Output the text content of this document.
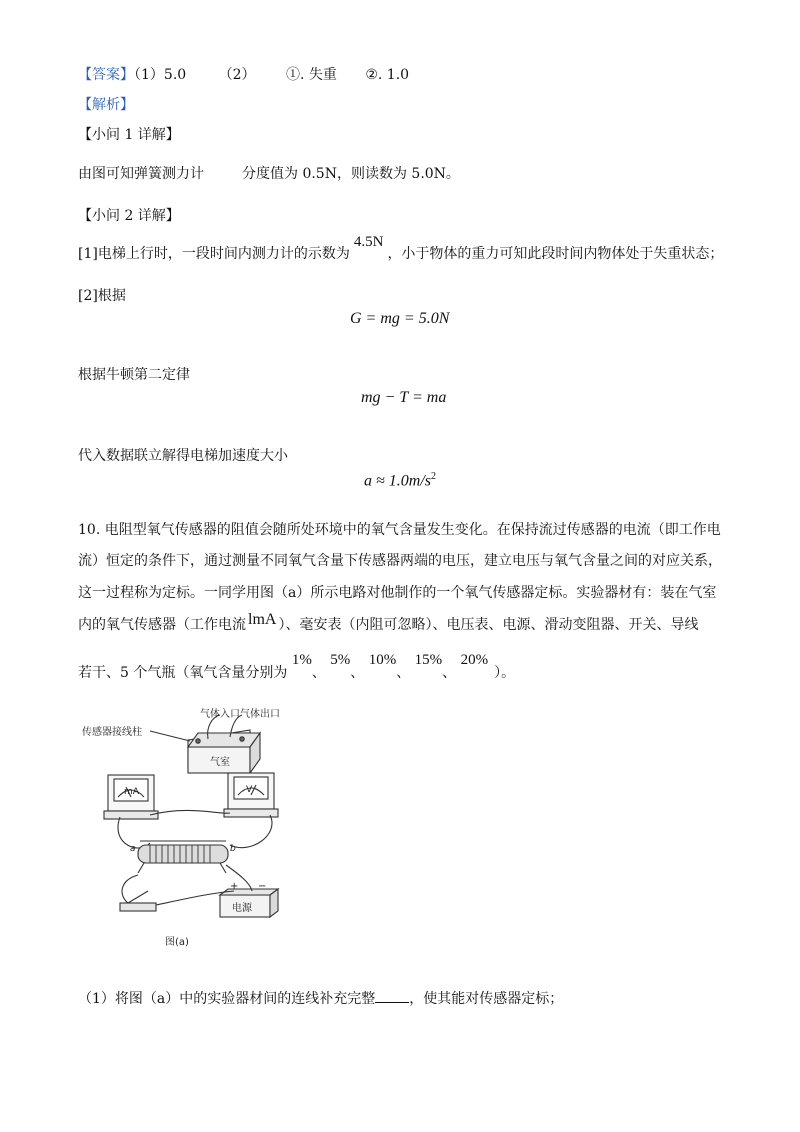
【答案】（1）5.0 （2） ①. 失重 ②. 1.0
【解析】
【小问 1 详解】
由图可知弹簧测力计	分度值为 0.5N，则读数为 5.0N。
【小问 2 详解】
[1]电梯上行时，一段时间内测力计的示数为4.5N，小于物体的重力可知此段时间内物体处于失重状态；
[2]根据
G = mg = 5.0N
根据牛顿第二定律
mg − T = ma
代入数据联立解得电梯加速度大小
$a \approx 1.0m/s^2$
10. 电阻型氧气传感器的阻值会随所处环境中的氧气含量发生变化。在保持流过传感器的电流（即工作电
流）恒定的条件下，通过测量不同氧气含量下传感器两端的电压，建立电压与氧气含量之间的对应关系，
这一过程称为定标。一同学用图（a）所示电路对他制作的一个氧气传感器定标。实验器材有：装在气室
内的氧气传感器（工作电流 lmA ）、毫安表（内阻可忽略）、电压表、电源、滑动变阻器、开关、导线
若干、5 个气瓶（氧气含量分别为 1%、 5%、 10%、 15%、 20%）。
传感器接线柱
气体入口 气体出口
气室
mA	V
a	b
+ −
电源
图(a)
（1）将图（a）中的实验器材间的连线补充完整 ，使其能对传感器定标；
